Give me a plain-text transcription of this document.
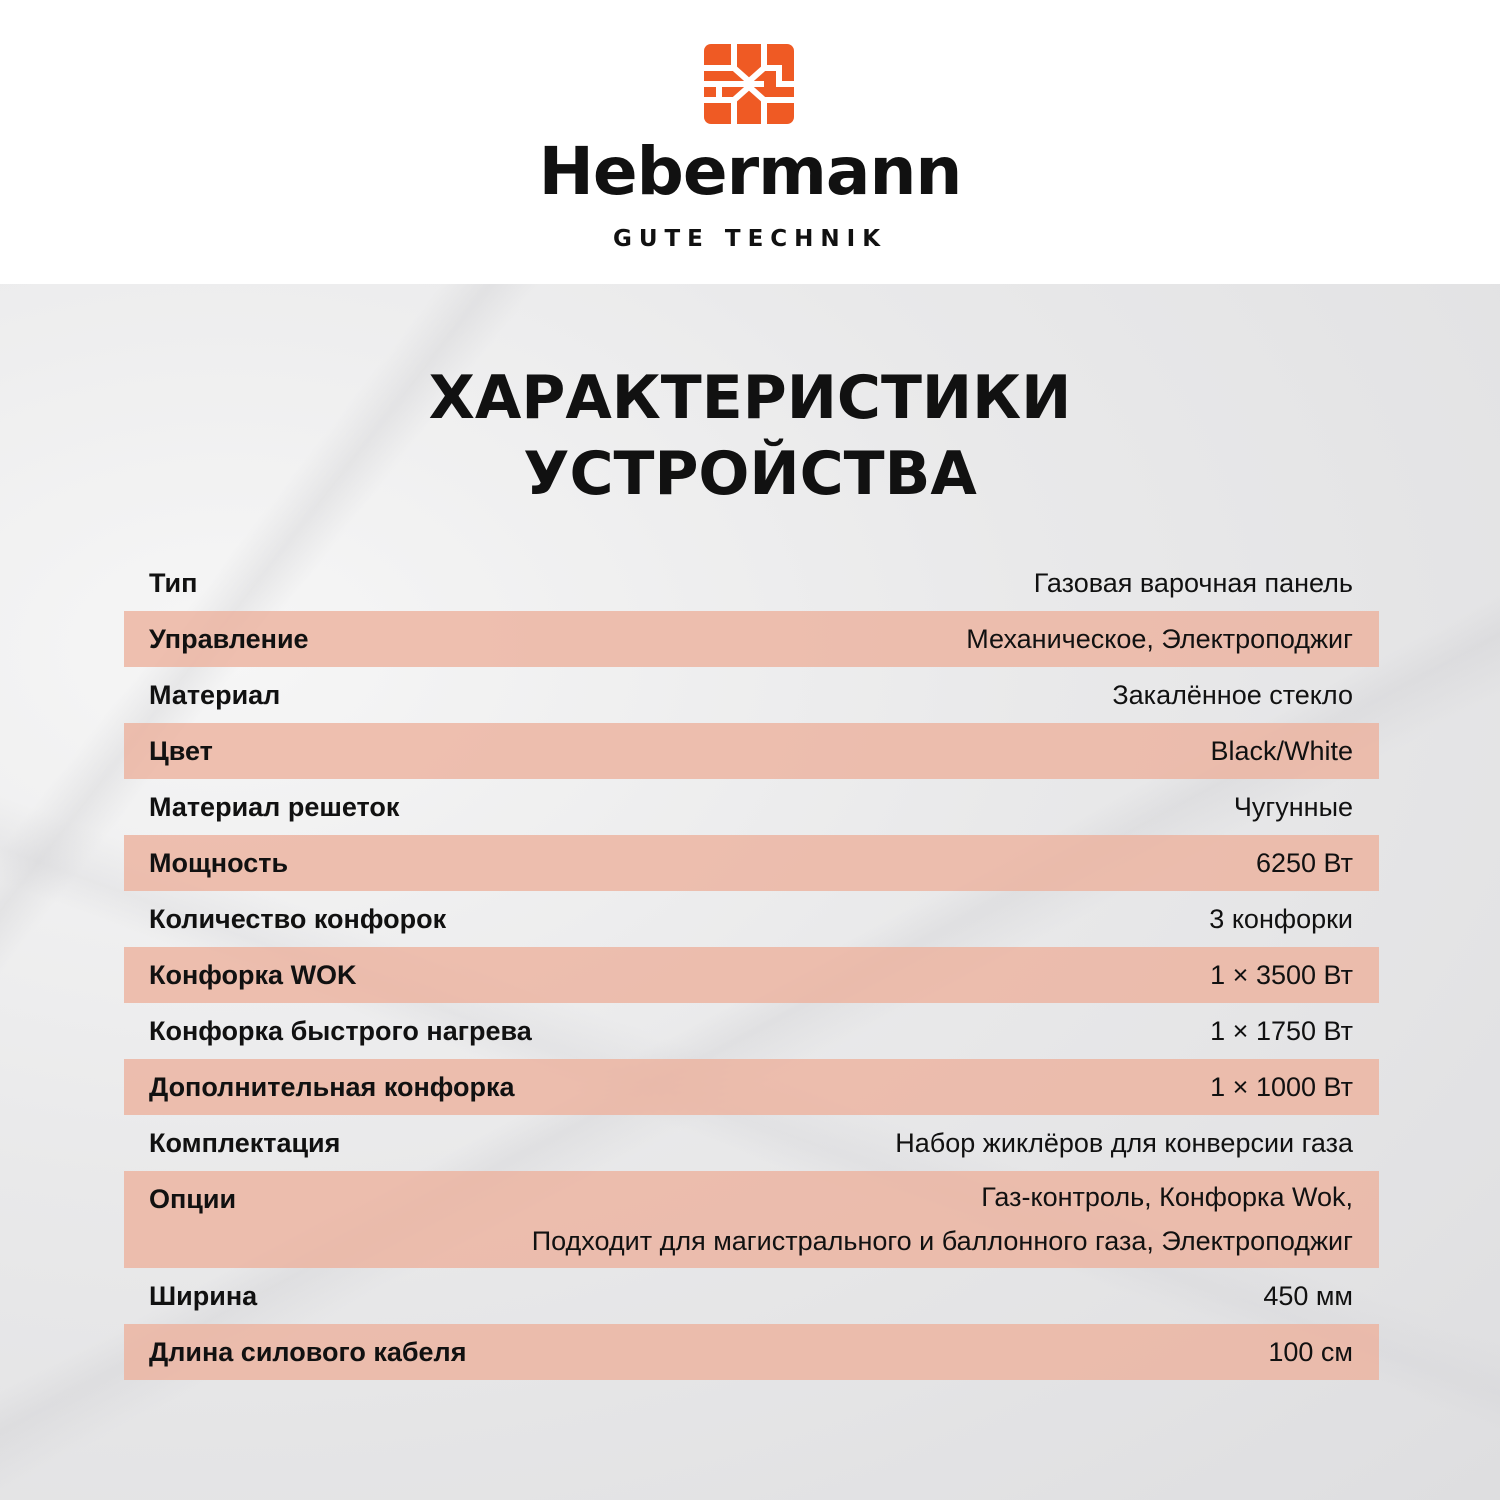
Hebermann
GUTE TECHNIK
ХАРАКТЕРИСТИКИ
УСТРОЙСТВА
Тип	Газовая варочная панель
Управление	Механическое, Электроподжиг
Материал	Закалённое стекло
Цвет	Black/White
Материал решеток	Чугунные
Мощность	6250 Вт
Количество конфорок	3 конфорки
Конфорка WOK	1 × 3500 Вт
Конфорка быстрого нагрева	1 × 1750 Вт
Дополнительная конфорка	1 × 1000 Вт
Комплектация	Набор жиклёров для конверсии газа
Опции	Газ-контроль, Конфорка Wok,
Подходит для магистрального и баллонного газа, Электроподжиг
Ширина	450 мм
Длина силового кабеля	100 см
